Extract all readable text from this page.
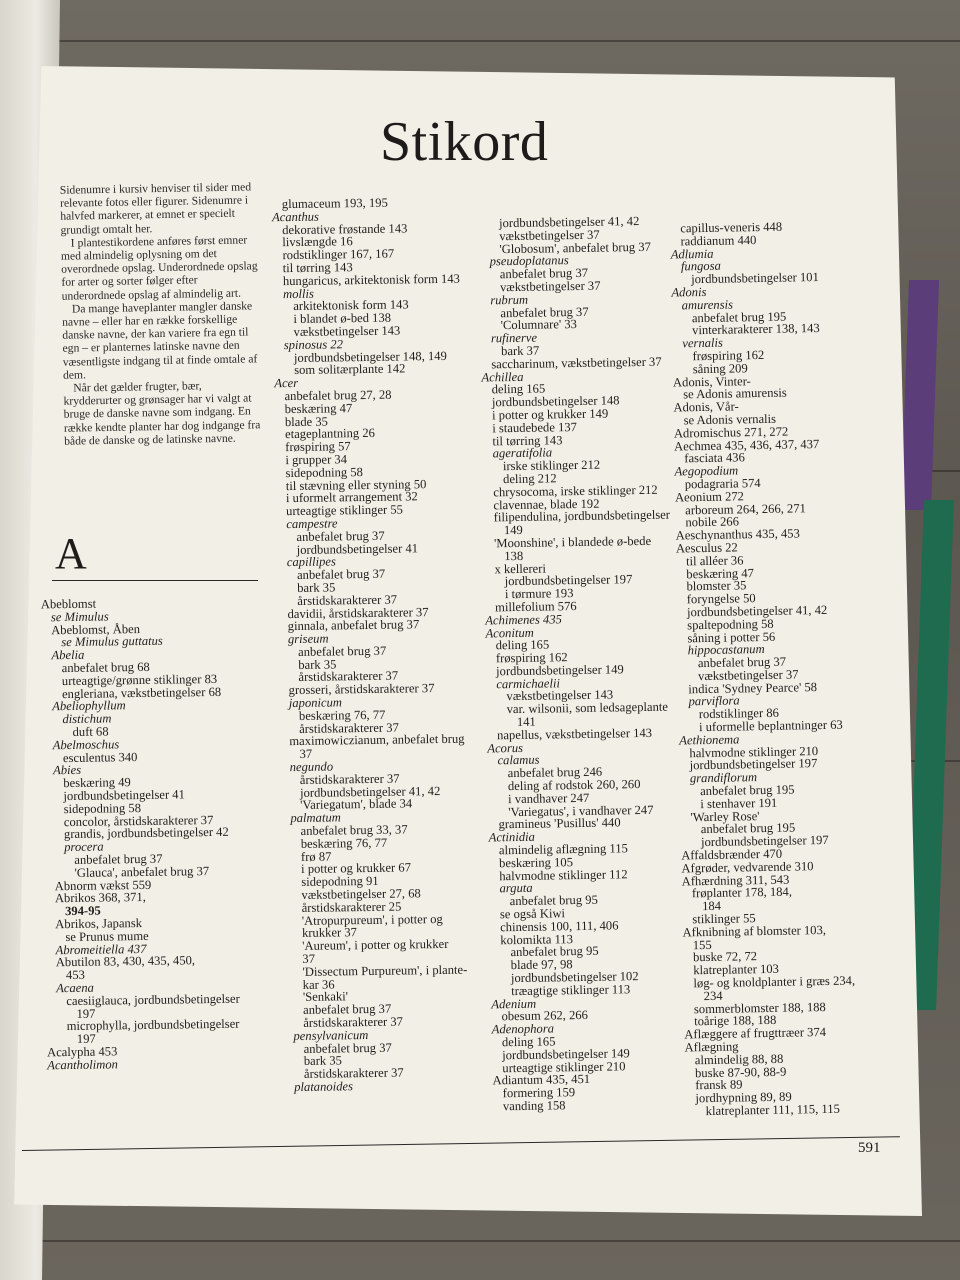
Stikord

Sidenumre i kursiv henviser til sider med relevante fotos eller figurer. Sidenumre i halvfed markerer, at emnet er specielt grundigt omtalt her.

I plantestikordene anføres først emner med almindelig oplysning om det overordnede opslag. Underordnede opslag for arter og sorter følger efter underordnede opslag af almindelig art.

Da mange haveplanter mangler danske navne – eller har en række forskellige danske navne, der kan variere fra egn til egn – er planternes latinske navne den væsentligste indgang til at finde omtale af dem.

Når det gælder frugter, bær, krydderurter og grønsager har vi valgt at bruge de danske navne som indgang. En række kendte planter har dog indgange fra både de danske og de latinske navne.

A
Abeblomst
se Mimulus
Abeblomst, Åben
se Mimulus guttatus
Abelia
anbefalet brug 68
urteagtige/grønne stiklinger 83
engleriana, vækstbetingelser 68
Abeliophyllum
distichum
duft 68
Abelmoschus
esculentus 340
Abies
beskæring 49
jordbundsbetingelser 41
sidepodning 58
concolor, årstidskarakterer 37
grandis, jordbundsbetingelser 42
procera
anbefalet brug 37
'Glauca', anbefalet brug 37
Abnorm vækst 559
Abrikos 368, 371,
394-95
Abrikos, Japansk
se Prunus mume
Abromeitiella 437
Abutilon 83, 430, 435, 450,
453
Acaena
caesiiglauca, jordbundsbetingelser
197
microphylla, jordbundsbetingelser
197
Acalypha 453
Acantholimon
glumaceum 193, 195
Acanthus
dekorative frøstande 143
livslængde 16
rodstiklinger 167, 167
til tørring 143
hungaricus, arkitektonisk form 143
mollis
arkitektonisk form 143
i blandet ø-bed 138
vækstbetingelser 143
spinosus 22
jordbundsbetingelser 148, 149
som solitærplante 142
Acer
anbefalet brug 27, 28
beskæring 47
blade 35
etageplantning 26
frøspiring 57
i grupper 34
sidepodning 58
til stævning eller styning 50
i uformelt arrangement 32
urteagtige stiklinger 55
campestre
anbefalet brug 37
jordbundsbetingelser 41
capillipes
anbefalet brug 37
bark 35
årstidskarakterer 37
davidii, årstidskarakterer 37
ginnala, anbefalet brug 37
griseum
anbefalet brug 37
bark 35
årstidskarakterer 37
grosseri, årstidskarakterer 37
japonicum
beskæring 76, 77
årstidskarakterer 37
maximowiczianum, anbefalet brug
37
negundo
årstidskarakterer 37
jordbundsbetingelser 41, 42
'Variegatum', blade 34
palmatum
anbefalet brug 33, 37
beskæring 76, 77
frø 87
i potter og krukker 67
sidepodning 91
vækstbetingelser 27, 68
årstidskarakterer 25
'Atropurpureum', i potter og
krukker 37
'Aureum', i potter og krukker
37
'Dissectum Purpureum', i plante-
kar 36
'Senkaki'
anbefalet brug 37
årstidskarakterer 37
pensylvanicum
anbefalet brug 37
bark 35
årstidskarakterer 37
platanoides
jordbundsbetingelser 41, 42
vækstbetingelser 37
'Globosum', anbefalet brug 37
pseudoplatanus
anbefalet brug 37
vækstbetingelser 37
rubrum
anbefalet brug 37
'Columnare' 33
rufinerve
bark 37
saccharinum, vækstbetingelser 37
Achillea
deling 165
jordbundsbetingelser 148
i potter og krukker 149
i staudebede 137
til tørring 143
ageratifolia
irske stiklinger 212
deling 212
chrysocoma, irske stiklinger 212
clavennae, blade 192
filipendulina, jordbundsbetingelser
149
'Moonshine', i blandede ø-bede
138
x kellereri
jordbundsbetingelser 197
i tørmure 193
millefolium 576
Achimenes 435
Aconitum
deling 165
frøspiring 162
jordbundsbetingelser 149
carmichaelii
vækstbetingelser 143
var. wilsonii, som ledsageplante
141
napellus, vækstbetingelser 143
Acorus
calamus
anbefalet brug 246
deling af rodstok 260, 260
i vandhaver 247
'Variegatus', i vandhaver 247
gramineus 'Pusillus' 440
Actinidia
almindelig aflægning 115
beskæring 105
halvmodne stiklinger 112
arguta
anbefalet brug 95
se også Kiwi
chinensis 100, 111, 406
kolomikta 113
anbefalet brug 95
blade 97, 98
jordbundsbetingelser 102
træagtige stiklinger 113
Adenium
obesum 262, 266
Adenophora
deling 165
jordbundsbetingelser 149
urteagtige stiklinger 210
Adiantum 435, 451
formering 159
vanding 158
capillus-veneris 448
raddianum 440
Adlumia
fungosa
jordbundsbetingelser 101
Adonis
amurensis
anbefalet brug 195
vinterkarakterer 138, 143
vernalis
frøspiring 162
såning 209
Adonis, Vinter-
se Adonis amurensis
Adonis, Vår-
se Adonis vernalis
Adromischus 271, 272
Aechmea 435, 436, 437, 437
fasciata 436
Aegopodium
podagraria 574
Aeonium 272
arboreum 264, 266, 271
nobile 266
Aeschynanthus 435, 453
Aesculus 22
til alléer 36
beskæring 47
blomster 35
foryngelse 50
jordbundsbetingelser 41, 42
spaltepodning 58
såning i potter 56
hippocastanum
anbefalet brug 37
vækstbetingelser 37
indica 'Sydney Pearce' 58
parviflora
rodstiklinger 86
i uformelle beplantninger 63
Aethionema
halvmodne stiklinger 210
jordbundsbetingelser 197
grandiflorum
anbefalet brug 195
i stenhaver 191
'Warley Rose'
anbefalet brug 195
jordbundsbetingelser 197
Affaldsbrænder 470
Afgrøder, vedvarende 310
Afhærdning 311, 543
frøplanter 178, 184,
184
stiklinger 55
Afknibning af blomster 103,
155
buske 72, 72
klatreplanter 103
løg- og knoldplanter i græs 234,
234
sommerblomster 188, 188
toårige 188, 188
Aflæggere af frugttræer 374
Aflægning
almindelig 88, 88
buske 87-90, 88-9
fransk 89
jordhypning 89, 89
klatreplanter 111, 115, 115
591
